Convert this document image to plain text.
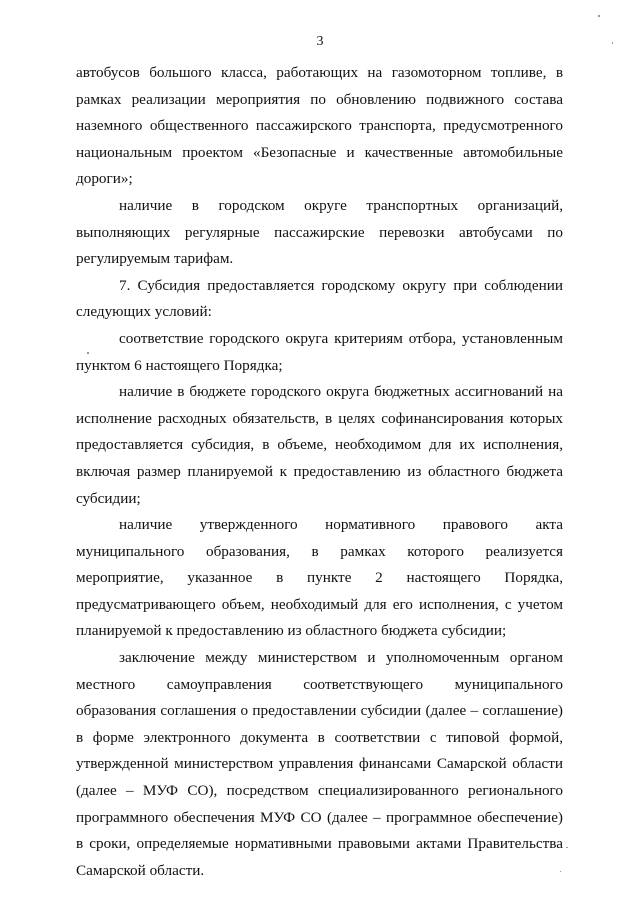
3

автобусов большого класса, работающих на газомоторном топливе, в рамках реализации мероприятия по обновлению подвижного состава наземного общественного пассажирского транспорта, предусмотренного национальным проектом «Безопасные и качественные автомобильные дороги»;

наличие в городском округе транспортных организаций, выполняющих регулярные пассажирские перевозки автобусами по регулируемым тарифам.

7. Субсидия предоставляется городскому округу при соблюдении следующих условий:

соответствие городского округа критериям отбора, установленным пунктом 6 настоящего Порядка;

наличие в бюджете городского округа бюджетных ассигнований на исполнение расходных обязательств, в целях софинансирования которых предоставляется субсидия, в объеме, необходимом для их исполнения, включая размер планируемой к предоставлению из областного бюджета субсидии;

наличие утвержденного нормативного правового акта муниципального образования, в рамках которого реализуется мероприятие, указанное в пункте 2 настоящего Порядка, предусматривающего объем, необходимый для его исполнения, с учетом планируемой к предоставлению из областного бюджета субсидии;

заключение между министерством и уполномоченным органом местного самоуправления соответствующего муниципального образования соглашения о предоставлении субсидии (далее – соглашение) в форме электронного документа в соответствии с типовой формой, утвержденной министерством управления финансами Самарской области (далее – МУФ СО), посредством специализированного регионального программного обеспечения МУФ СО (далее – программное обеспечение) в сроки, определяемые нормативными правовыми актами Правительства Самарской области.
